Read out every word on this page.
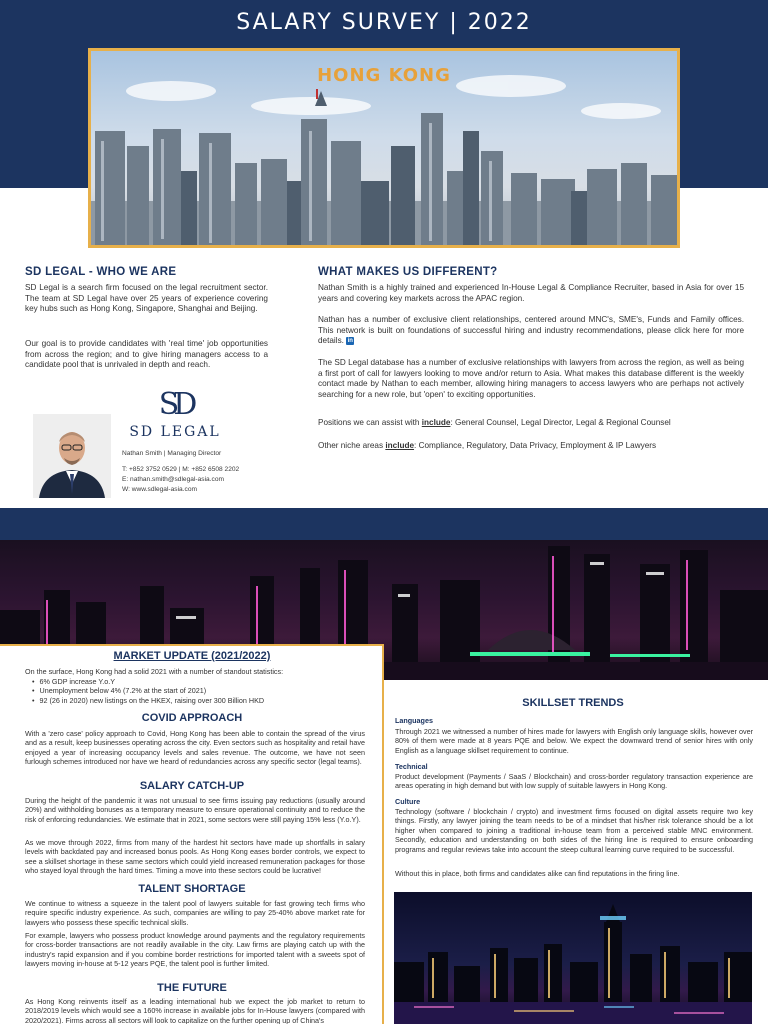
SALARY SURVEY | 2022
HONG KONG
SD LEGAL - WHO WE ARE
SD Legal is a search firm focused on the legal recruitment sector. The team at SD Legal have over 25 years of experience covering key hubs such as Hong Kong, Singapore, Shanghai and Beijing.
Our goal is to provide candidates with 'real time' job opportunities from across the region; and to give hiring managers access to a candidate pool that is unrivaled in depth and reach.
SD
SD LEGAL
Nathan Smith | Managing Director
T: +852 3752 0529 | M: +852 6508 2202
E: nathan.smith@sdlegal-asia.com
W: www.sdlegal-asia.com
WHAT MAKES US DIFFERENT?
Nathan Smith is a highly trained and experienced In-House Legal & Compliance Recruiter, based in Asia for over 15 years and covering key markets across the APAC region.
Nathan has a number of exclusive client relationships, centered around MNC's, SME's, Funds and Family offices. This network is built on foundations of successful hiring and industry recommendations, please click here for more details. in
The SD Legal database has a number of exclusive relationships with lawyers from across the region, as well as being a first port of call for lawyers looking to move and/or return to Asia. What makes this database different is the weekly contact made by Nathan to each member, allowing hiring managers to access lawyers who are perhaps not actively searching for a new role, but 'open' to exciting opportunities.
Positions we can assist with include: General Counsel, Legal Director, Legal & Regional Counsel
Other niche areas include: Compliance, Regulatory, Data Privacy, Employment & IP Lawyers
MARKET UPDATE (2021/2022)
On the surface, Hong Kong had a solid 2021 with a number of standout statistics:
• 6% GDP increase Y.o.Y
• Unemployment below 4% (7.2% at the start of 2021)
• 92 (26 in 2020) new listings on the HKEX, raising over 300 Billion HKD
COVID APPROACH
With a 'zero case' policy approach to Covid, Hong Kong has been able to contain the spread of the virus and as a result, keep businesses operating across the city. Even sectors such as hospitality and retail have enjoyed a year of increasing occupancy levels and sales revenue. The outcome, we have not seen furlough schemes introduced nor have we heard of redundancies across any specific sector (legal teams).
SALARY CATCH-UP
During the height of the pandemic it was not unusual to see firms issuing pay reductions (usually around 20%) and withholding bonuses as a temporary measure to ensure operational continuity and to reduce the risk of enforcing redundancies. We estimate that in 2021, some sectors were still paying 15% less (Y.o.Y).
As we move through 2022, firms from many of the hardest hit sectors have made up shortfalls in salary levels with backdated pay and increased bonus pools. As Hong Kong eases border controls, we expect to see a skillset shortage in these same sectors which could yield increased remuneration packages for those who stayed loyal through the hard times. Timing a move into these sectors could be lucrative!
TALENT SHORTAGE
We continue to witness a squeeze in the talent pool of lawyers suitable for fast growing tech firms who require specific industry experience. As such, companies are willing to pay 25-40% above market rate for lawyers who possess these specific technical skills.
For example, lawyers who possess product knowledge around payments and the regulatory requirements for cross-border transactions are not readily available in the city. Law firms are playing catch up with the industry's rapid expansion and if you combine border restrictions for imported talent with a sweets spot of lawyers moving in-house at 5-12 years PQE, the talent pool is further limited.
THE FUTURE
As Hong Kong reinvents itself as a leading international hub we expect the job market to return to 2018/2019 levels which would see a 160% increase in available jobs for In-House lawyers (compared with 2020/2021). Firms across all sectors will look to capitalize on the further opening up of China's
SKILLSET TRENDS
Languages
Through 2021 we witnessed a number of hires made for lawyers with English only language skills, however over 80% of them were made at 8 years PQE and below. We expect the downward trend of senior hires with only English as a language skillset requirement to continue.
Technical
Product development (Payments / SaaS / Blockchain) and cross-border regulatory transaction experience are areas operating in high demand but with low supply of suitable lawyers in Hong Kong.
Culture
Technology (software / blockchain / crypto) and investment firms focused on digital assets require two key things. Firstly, any lawyer joining the team needs to be of a mindset that his/her risk tolerance should be a lot higher when compared to joining a traditional in-house team from a perceived stable MNC environment. Secondly, education and understanding on both sides of the hiring line is required to ensure onboarding programs and regular reviews take into account the steep cultural learning curve required to be successful.
Without this in place, both firms and candidates alike can find reputations in the firing line.
